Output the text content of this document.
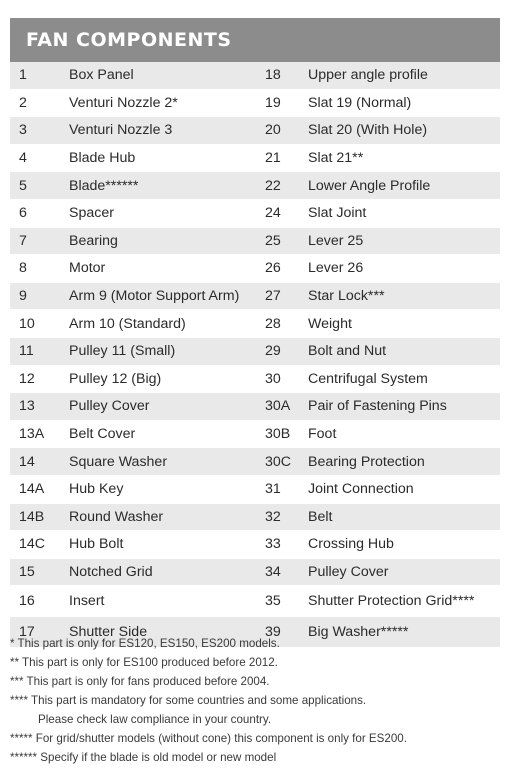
FAN COMPONENTS
1	Box Panel	18	Upper angle profile
2	Venturi Nozzle 2*	19	Slat 19 (Normal)
3	Venturi Nozzle 3	20	Slat 20 (With Hole)
4	Blade Hub	21	Slat 21**
5	Blade******	22	Lower Angle Profile
6	Spacer	24	Slat Joint
7	Bearing	25	Lever 25
8	Motor	26	Lever 26
9	Arm 9 (Motor Support Arm)	27	Star Lock***
10	Arm 10 (Standard)	28	Weight
11	Pulley 11 (Small)	29	Bolt and Nut
12	Pulley 12 (Big)	30	Centrifugal System
13	Pulley Cover	30A	Pair of Fastening Pins
13A	Belt Cover	30B	Foot
14	Square Washer	30C	Bearing Protection
14A	Hub Key	31	Joint Connection
14B	Round Washer	32	Belt
14C	Hub Bolt	33	Crossing Hub
15	Notched Grid	34	Pulley Cover
16	Insert	35	Shutter Protection Grid****
17	Shutter Side	39	Big Washer*****
* This part is only for ES120, ES150, ES200 models.
** This part is only for ES100 produced before 2012.
*** This part is only for fans produced before 2004.
**** This part is mandatory for some countries and some applications.
Please check law compliance in your country.
***** For grid/shutter models (without cone) this component is only for ES200.
****** Specify if the blade is old model or new model
